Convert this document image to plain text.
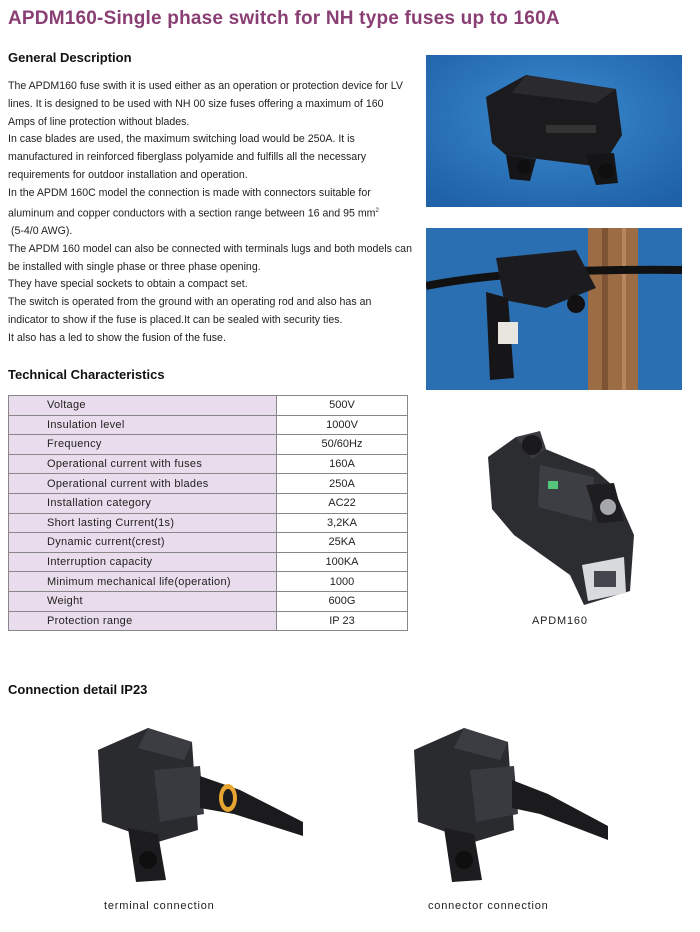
APDM160-Single phase switch for NH type fuses up to 160A
General Description

The APDM160 fuse swith it is used either as an operation or protection device for LV lines. It is designed to be used with NH 00 size fuses offering a maximum of 160 Amps of line protection without blades.

In case blades are used, the maximum switching load would be 250A. It is manufactured in reinforced fiberglass polyamide and fulfills all the necessary requirements for outdoor installation and operation.

In the APDM 160C model the connection is made with connectors suitable for aluminum and copper conductors with a section range between 16 and 95 $mm^2$
(5-4/0 AWG).

The APDM 160 model can also be connected with terminals lugs and both models can be installed with single phase or three phase opening.

They have special sockets to obtain a compact set.

The switch is operated from the ground with an operating rod and also has an indicator to show if the fuse is placed.It can be sealed with security ties.

It also has a led to show the fusion of the fuse.

Technical Characteristics
Voltage	500V
Insulation level	1000V
Frequency	50/60Hz
Operational current with fuses	160A
Operational current with blades	250A
Installation category	AC22
Short lasting Current(1s)	3,2KA
Dynamic current(crest)	25KA
Interruption capacity	100KA
Minimum mechanical life(operation)	1000
Weight	600G
Protection range	IP 23	APDM160
Connection detail IP23
terminal connection	connector connection
